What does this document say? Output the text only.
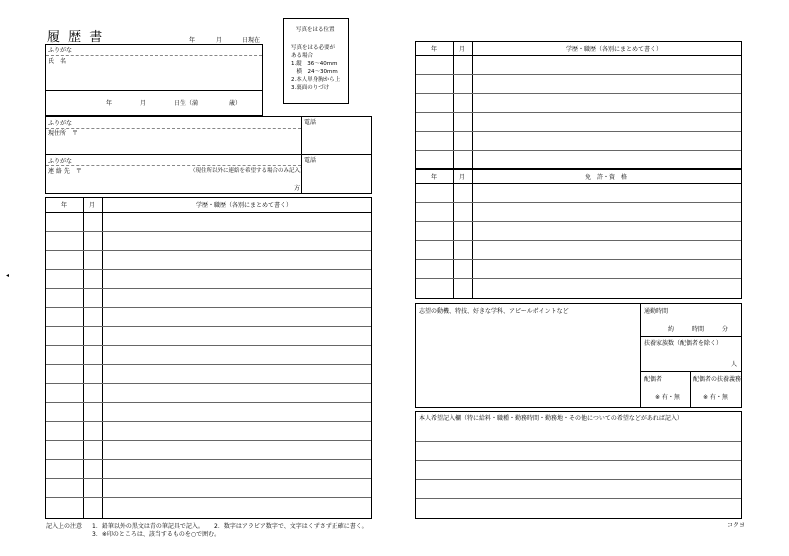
履 歴 書	年	月	日現在
写真をはる位置
写真をはる必要が
ある場合
1.縦　36〜40mm
　横　24〜30mm
2.本人単身胸から上
3.裏面のりづけ
ふりがな
氏　名
年	月	日生（満	歳）
ふりがな
現住所　〒
電話
ふりがな
連 絡 先　〒	（現住所以外に連絡を希望する場合のみ記入）
方
電話
年	月	学歴・職歴（各別にまとめて書く）
記入上の注意 1．鉛筆以外の黒文は青の筆記具で記入。 2．数字はアラビア数字で、文字はくずさず正確に書く。
3．※印のところは、該当するものを○で囲む。
◂
年	月	学歴・職歴（各別にまとめて書く）
年	月	免　許・資　格
志望の動機、特技、好きな学科、アピールポイントなど	通勤時間
約　　　時間　　　分
扶養家族数（配偶者を除く）
人
配偶者
※ 有・無
配偶者の扶養義務
※ 有・無
本人希望記入欄（特に給料・職種・勤務時間・勤務地・その他についての希望などがあれば記入）
コクヨ
